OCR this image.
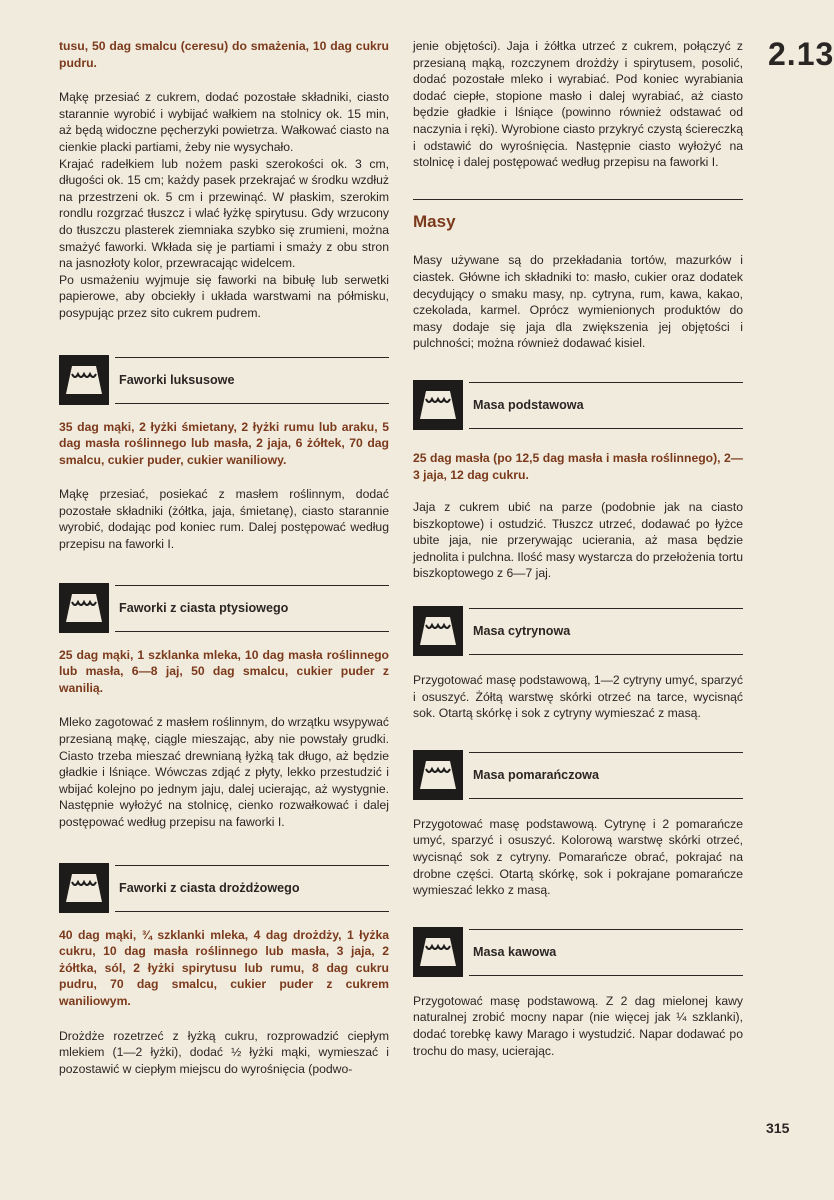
2.13

tusu, 50 dag smalcu (ceresu) do smażenia, 10 dag cukru pudru.

Mąkę przesiać z cukrem, dodać pozostałe składniki, ciasto starannie wyrobić i wybijać wałkiem na stolnicy ok. 15 min, aż będą widoczne pęcherzyki powietrza. Wałkować ciasto na cienkie placki partiami, żeby nie wysychało.

Krajać radełkiem lub nożem paski szerokości ok. 3 cm, długości ok. 15 cm; każdy pasek przekrajać w środku wzdłuż na przestrzeni ok. 5 cm i przewinąć. W płaskim, szerokim rondlu rozgrzać tłuszcz i wlać łyżkę spirytusu. Gdy wrzucony do tłuszczu plasterek ziemniaka szybko się zrumieni, można smażyć faworki. Wkłada się je partiami i smaży z obu stron na jasnozłoty kolor, przewracając widelcem.

Po usmażeniu wyjmuje się faworki na bibułę lub serwetki papierowe, aby obciekły i układa warstwami na półmisku, posypując przez sito cukrem pudrem.

Faworki luksusowe

35 dag mąki, 2 łyżki śmietany, 2 łyżki rumu lub araku, 5 dag masła roślinnego lub masła, 2 jaja, 6 żółtek, 70 dag smalcu, cukier puder, cukier waniliowy.

Mąkę przesiać, posiekać z masłem roślinnym, dodać pozostałe składniki (żółtka, jaja, śmietanę), ciasto starannie wyrobić, dodając pod koniec rum. Dalej postępować według przepisu na faworki I.

Faworki z ciasta ptysiowego

25 dag mąki, 1 szklanka mleka, 10 dag masła roślinnego lub masła, 6—8 jaj, 50 dag smalcu, cukier puder z wanilią.

Mleko zagotować z masłem roślinnym, do wrzątku wsypywać przesianą mąkę, ciągle mieszając, aby nie powstały grudki. Ciasto trzeba mieszać drewnianą łyżką tak długo, aż będzie gładkie i lśniące. Wówczas zdjąć z płyty, lekko przestudzić i wbijać kolejno po jednym jaju, dalej ucierając, aż wystygnie. Następnie wyłożyć na stolnicę, cienko rozwałkować i dalej postępować według przepisu na faworki I.

Faworki z ciasta drożdżowego

40 dag mąki, ¾ szklanki mleka, 4 dag drożdży, 1 łyżka cukru, 10 dag masła roślinnego lub masła, 3 jaja, 2 żółtka, sól, 2 łyżki spirytusu lub rumu, 8 dag cukru pudru, 70 dag smalcu, cukier puder z cukrem waniliowym.

Drożdże rozetrzeć z łyżką cukru, rozprowadzić ciepłym mlekiem (1—2 łyżki), dodać ½ łyżki mąki, wymieszać i pozostawić w ciepłym miejscu do wyrośnięcia (podwo-

jenie objętości). Jaja i żółtka utrzeć z cukrem, połączyć z przesianą mąką, rozczynem drożdży i spirytusem, posolić, dodać pozostałe mleko i wyrabiać. Pod koniec wyrabiania dodać ciepłe, stopione masło i dalej wyrabiać, aż ciasto będzie gładkie i lśniące (powinno również odstawać od naczynia i ręki). Wyrobione ciasto przykryć czystą ściereczką i odstawić do wyrośnięcia. Następnie ciasto wyłożyć na stolnicę i dalej postępować według przepisu na faworki I.

Masy

Masy używane są do przekładania tortów, mazurków i ciastek. Główne ich składniki to: masło, cukier oraz dodatek decydujący o smaku masy, np. cytryna, rum, kawa, kakao, czekolada, karmel. Oprócz wymienionych produktów do masy dodaje się jaja dla zwiększenia jej objętości i pulchności; można również dodawać kisiel.

Masa podstawowa

25 dag masła (po 12,5 dag masła i masła roślinnego), 2—3 jaja, 12 dag cukru.

Jaja z cukrem ubić na parze (podobnie jak na ciasto biszkoptowe) i ostudzić. Tłuszcz utrzeć, dodawać po łyżce ubite jaja, nie przerywając ucierania, aż masa będzie jednolita i pulchna. Ilość masy wystarcza do przełożenia tortu biszkoptowego z 6—7 jaj.

Masa cytrynowa

Przygotować masę podstawową, 1—2 cytryny umyć, sparzyć i osuszyć. Żółtą warstwę skórki otrzeć na tarce, wycisnąć sok. Otartą skórkę i sok z cytryny wymieszać z masą.

Masa pomarańczowa

Przygotować masę podstawową. Cytrynę i 2 pomarańcze umyć, sparzyć i osuszyć. Kolorową warstwę skórki otrzeć, wycisnąć sok z cytryny. Pomarańcze obrać, pokrajać na drobne części. Otartą skórkę, sok i pokrajane pomarańcze wymieszać lekko z masą.

Masa kawowa

Przygotować masę podstawową. Z 2 dag mielonej kawy naturalnej zrobić mocny napar (nie więcej jak ¼ szklanki), dodać torebkę kawy Marago i wystudzić. Napar dodawać po trochu do masy, ucierając.

315
